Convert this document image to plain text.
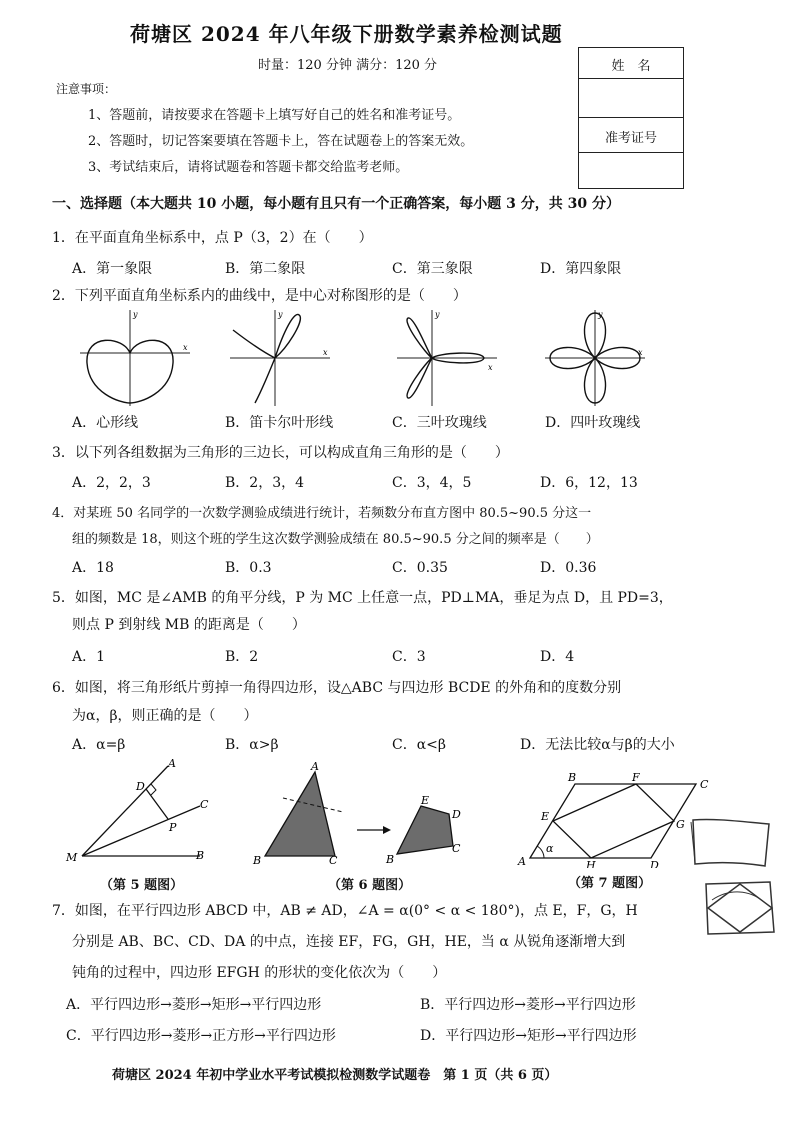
荷塘区 2024 年八年级下册数学素养检测试题
时量：120 分钟 满分：120 分	姓　名
准考证号
注意事项：
1、答题前，请按要求在答题卡上填写好自己的姓名和准考证号。
2、答题时，切记答案要填在答题卡上，答在试题卷上的答案无效。
3、考试结束后，请将试题卷和答题卡都交给监考老师。
一、选择题（本大题共 10 小题，每小题有且只有一个正确答案，每小题 3 分，共 30 分）
1．在平面直角坐标系中，点 P（3，2）在（　　）
A．第一象限	B．第二象限	C．第三象限	D．第四象限
2．下列平面直角坐标系内的曲线中，是中心对称图形的是（　　）
x
y
x
y
x
y
x
y
A．心形线	B．笛卡尔叶形线	C．三叶玫瑰线	D．四叶玫瑰线
3．以下列各组数据为三角形的三边长，可以构成直角三角形的是（　　）
A．2，2，3	B．2，3，4	C．3，4，5	D．6，12，13
4．对某班 50 名同学的一次数学测验成绩进行统计，若频数分布直方图中 80.5~90.5 分这一
组的频数是 18，则这个班的学生这次数学测验成绩在 80.5~90.5 分之间的频率是（　　）
A．18	B．0.3	C．0.35	D．0.36
5．如图，MC 是∠AMB 的角平分线，P 为 MC 上任意一点，PD⊥MA，垂足为点 D，且 PD=3，
则点 P 到射线 MB 的距离是（　　）
A．1	B．2	C．3	D．4
6．如图，将三角形纸片剪掉一角得四边形，设△ABC 与四边形 BCDE 的外角和的度数分别
为α，β，则正确的是（　　）
A．α=β	B．α>β	C．α<β	D．无法比较α与β的大小
A
D
C
P
M	B
（第 5 题图）
A
B	C
E
D
B
C
（第 6 题图）
α
A
B
C
D
E
F
G
H
（第 7 题图）
7．如图，在平行四边形 ABCD 中，AB ≠ AD，∠A = α(0° < α < 180°)，点 E，F，G，H
分别是 AB、BC、CD、DA 的中点，连接 EF，FG，GH，HE，当 α 从锐角逐渐增大到
钝角的过程中，四边形 EFGH 的形状的变化依次为（　　）
A．平行四边形→菱形→矩形→平行四边形	B．平行四边形→菱形→平行四边形
C．平行四边形→菱形→正方形→平行四边形	D．平行四边形→矩形→平行四边形
荷塘区 2024 年初中学业水平考试模拟检测数学试题卷　第 1 页（共 6 页）
